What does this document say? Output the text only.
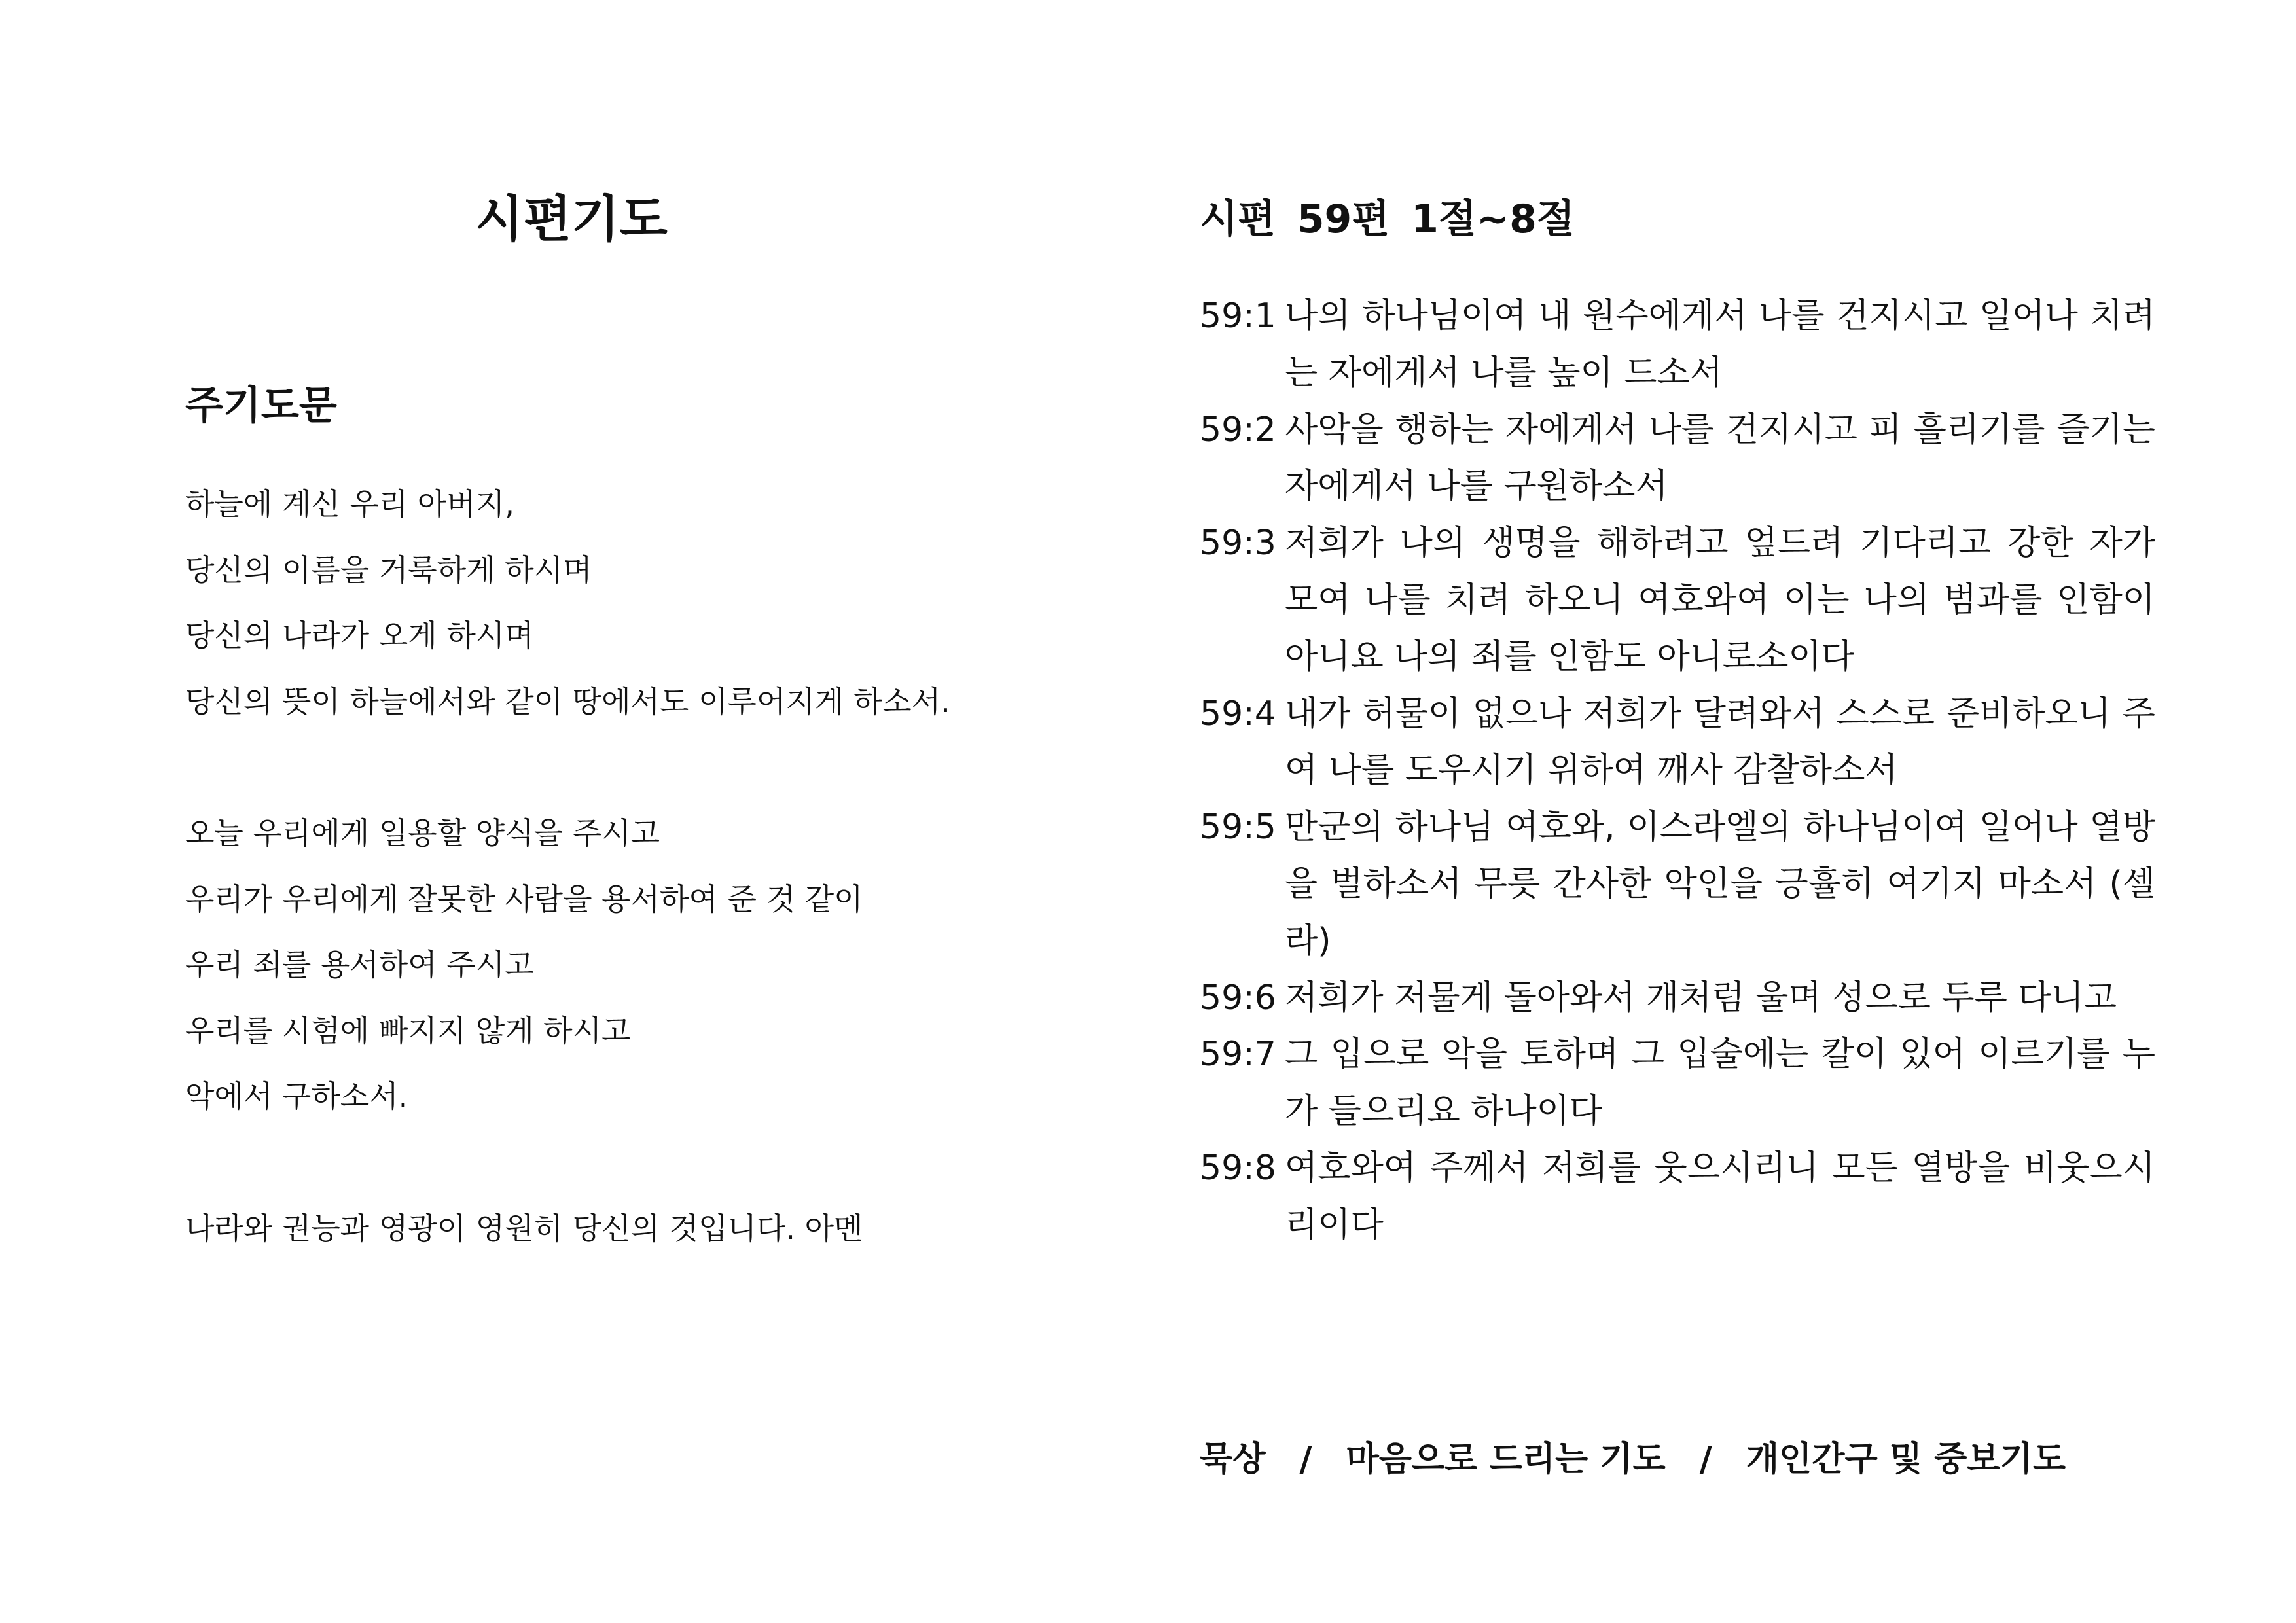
시편기도
주기도문
하늘에 계신 우리 아버지,
당신의 이름을 거룩하게 하시며
당신의 나라가 오게 하시며
당신의 뜻이 하늘에서와 같이 땅에서도 이루어지게 하소서.
오늘 우리에게 일용할 양식을 주시고
우리가 우리에게 잘못한 사람을 용서하여 준 것 같이
우리 죄를 용서하여 주시고
우리를 시험에 빠지지 않게 하시고
악에서 구하소서.
나라와 권능과 영광이 영원히 당신의 것입니다. 아멘
시편 59편 1절~8절
59:1 나의 하나님이여 내 원수에게서 나를 건지시고 일어나 치려는 자에게서 나를 높이 드소서
59:2 사악을 행하는 자에게서 나를 건지시고 피 흘리기를 즐기는 자에게서 나를 구원하소서
59:3 저희가 나의 생명을 해하려고 엎드려 기다리고 강한 자가 모여 나를 치려 하오니 여호와여 이는 나의 범과를 인함이 아니요 나의 죄를 인함도 아니로소이다
59:4 내가 허물이 없으나 저희가 달려와서 스스로 준비하오니 주여 나를 도우시기 위하여 깨사 감찰하소서
59:5 만군의 하나님 여호와, 이스라엘의 하나님이여 일어나 열방을 벌하소서 무릇 간사한 악인을 긍휼히 여기지 마소서 (셀라)
59:6 저희가 저물게 돌아와서 개처럼 울며 성으로 두루 다니고
59:7 그 입으로 악을 토하며 그 입술에는 칼이 있어 이르기를 누가 들으리요 하나이다
59:8 여호와여 주께서 저희를 웃으시리니 모든 열방을 비웃으시리이다
묵상 / 마음으로 드리는 기도 / 개인간구 및 중보기도
